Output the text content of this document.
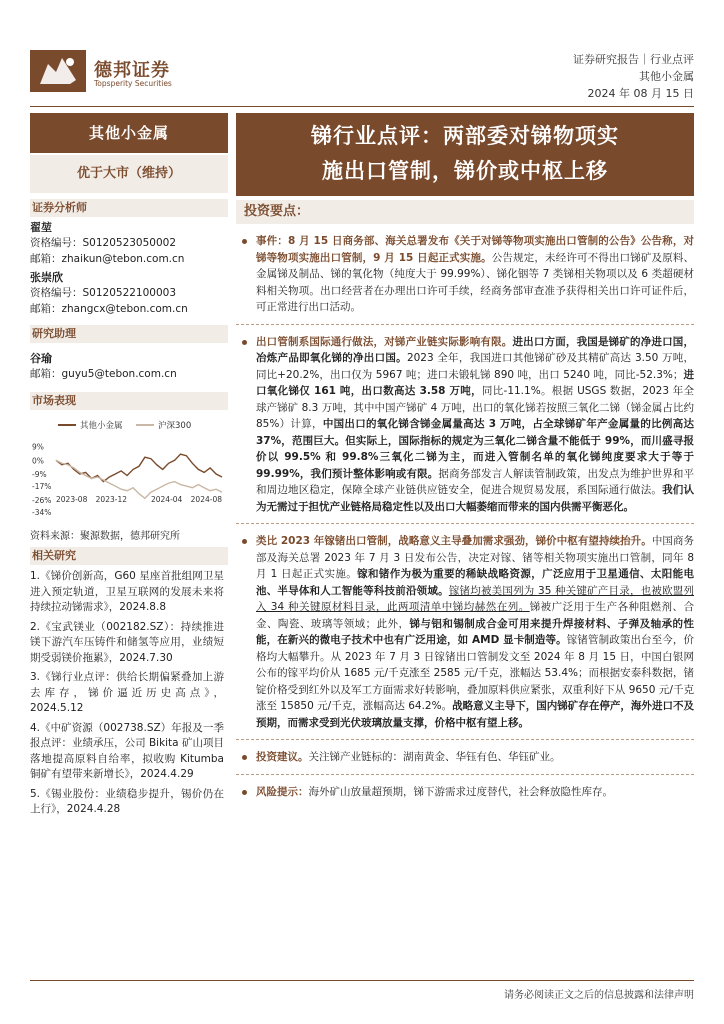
德邦证券
Topsperity Securities
证券研究报告｜行业点评
其他小金属
2024 年 08 月 15 日
其他小金属
优于大市（维持）
证券分析师
翟堃
资格编号：S0120523050002
邮箱：zhaikun@tebon.com.cn
张崇欣
资格编号：S0120522100003
邮箱：zhangcx@tebon.com.cn
研究助理
谷瑜
邮箱：guyu5@tebon.com.cn
市场表现
其他小金属	沪深300
9%
0%
-9%
-17%
-26%
-34%
2023-08 2023-12	2024-04 2024-08
资料来源：聚源数据，德邦研究所
相关研究
1.《锑价创新高，G60 星座首批组网卫星进入预定轨道，卫星互联网的发展未来将持续拉动锑需求》，2024.8.8
2.《宝武镁业（002182.SZ）：持续推进镁下游汽车压铸件和储氢等应用，业绩短期受弱镁价拖累》，2024.7.30
3.《锑行业点评：供给长期偏紧叠加上游去库存，锑价逼近历史高点》，2024.5.12
4.《中矿资源（002738.SZ）年报及一季报点评：业绩承压，公司 Bikita 矿山项目落地提高原料自给率，拟收购 Kitumba 铜矿有望带来新增长》，2024.4.29
5.《锡业股份：业绩稳步提升，锡价仍在上行》，2024.4.28
锑行业点评：两部委对锑物项实
施出口管制，锑价或中枢上移
投资要点：
事件：8 月 15 日商务部、海关总署发布《关于对锑等物项实施出口管制的公告》公告称，对锑等物项实施出口管制，9 月 15 日起正式实施。公告规定，未经许可不得出口锑矿及原料、金属锑及制品、锑的氧化物（纯度大于 99.99%）、锑化铟等 7 类锑相关物项以及 6 类超硬材料相关物项。出口经营者在办理出口许可手续，经商务部审查准予获得相关出口许可证件后，可正常进行出口活动。
出口管制系国际通行做法，对锑产业链实际影响有限。进出口方面，我国是锑矿的净进口国，冶炼产品即氧化锑的净出口国。2023 全年，我国进口其他锑矿砂及其精矿高达 3.50 万吨，同比+20.2%，出口仅为 5967 吨；进口未锻轧锑 890 吨，出口 5240 吨，同比-52.3%；进口氧化锑仅 161 吨，出口数高达 3.58 万吨，同比-11.1%。根据 USGS 数据，2023 年全球产锑矿 8.3 万吨，其中中国产锑矿 4 万吨，出口的氧化锑若按照三氧化二锑（锑金属占比约 85%）计算，中国出口的氧化锑含锑金属量高达 3 万吨，占全球锑矿年产金属量的比例高达 37%，范围巨大。但实际上，国际指标的规定为三氧化二锑含量不能低于 99%，而川盛寻报价以 99.5% 和 99.8%三氧化二锑为主，而进入管制名单的氧化锑纯度要求大于等于 99.99%，我们预计整体影响或有限。据商务部发言人解读管制政策，出发点为维护世界和平和周边地区稳定，保障全球产业链供应链安全，促进合规贸易发展，系国际通行做法。我们认为无需过于担忧产业链格局稳定性以及出口大幅萎缩而带来的国内供需平衡恶化。
类比 2023 年镓锗出口管制，战略意义主导叠加需求强劲，锑价中枢有望持续抬升。中国商务部及海关总署 2023 年 7 月 3 日发布公告，决定对镓、锗等相关物项实施出口管制，同年 8 月 1 日起正式实施。镓和锗作为极为重要的稀缺战略资源，广泛应用于卫星通信、太阳能电池、半导体和人工智能等科技前沿领域。镓锗均被美国列为 35 种关键矿产目录，也被欧盟列入 34 种关键原材料目录，此两项清单中锑均赫然在列。锑被广泛用于生产各种阻燃剂、合金、陶瓷、玻璃等领域；此外，锑与铝和锡制成合金可用来提升焊接材料、子弹及轴承的性能，在新兴的微电子技术中也有广泛用途，如 AMD 显卡制造等。镓锗管制政策出台至今，价格均大幅攀升。从 2023 年 7 月 3 日镓锗出口管制发文至 2024 年 8 月 15 日，中国白银网公布的镓平均价从 1685 元/千克涨至 2585 元/千克，涨幅达 53.4%；而根据安泰科数据，锗锭价格受到红外以及军工方面需求好转影响，叠加原料供应紧张，双重利好下从 9650 元/千克涨至 15850 元/千克，涨幅高达 64.2%。战略意义主导下，国内锑矿存在停产，海外进口不及预期，而需求受到光伏玻璃放量支撑，价格中枢有望上移。
投资建议。关注锑产业链标的：湖南黄金、华钰有色、华钰矿业。
风险提示：海外矿山放量超预期，锑下游需求过度替代，社会释放隐性库存。
请务必阅读正文之后的信息披露和法律声明
